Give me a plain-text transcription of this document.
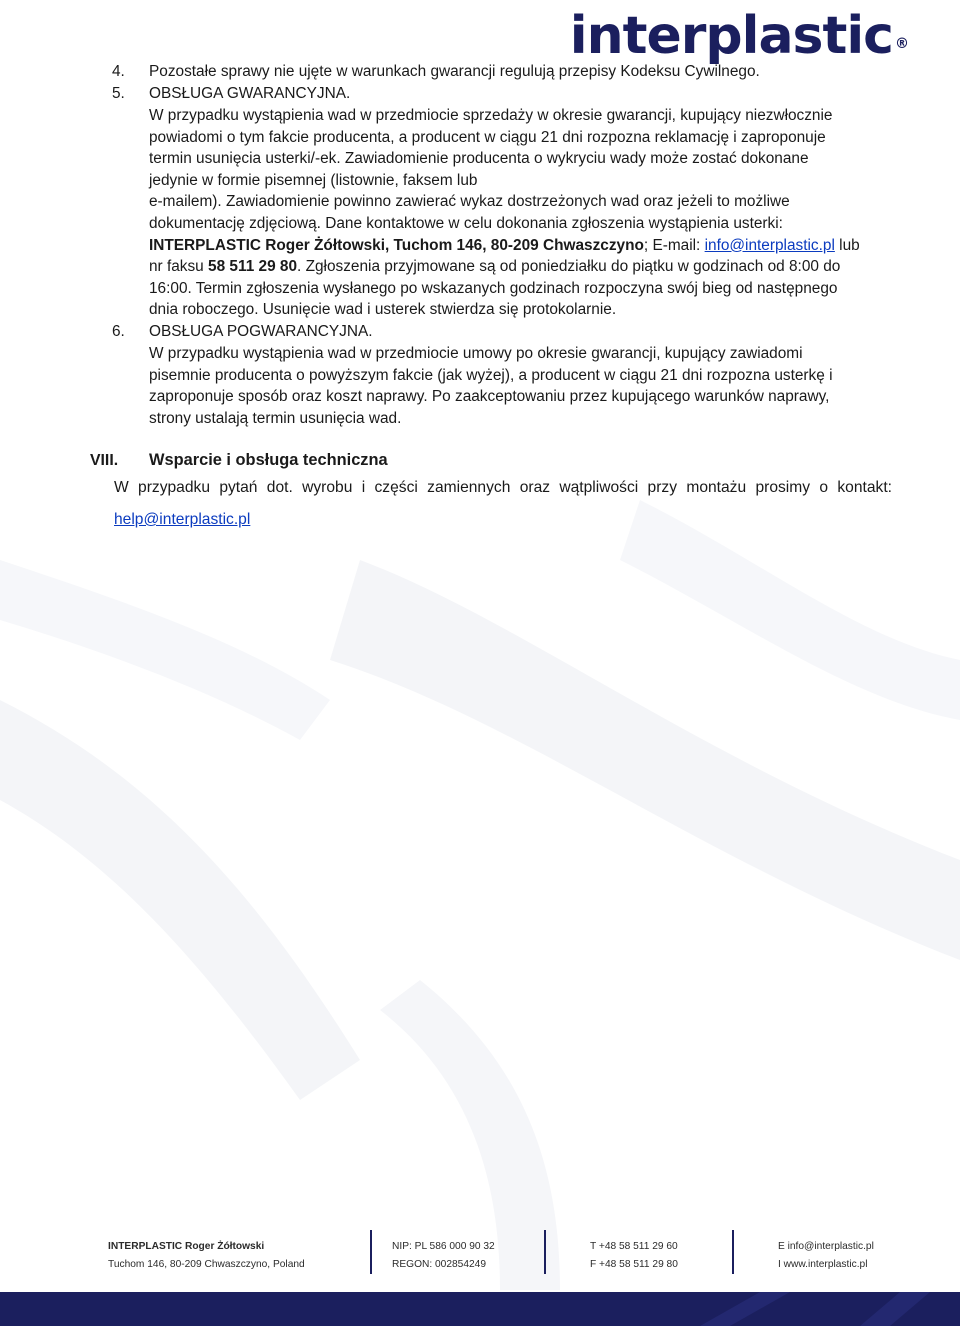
interplastic ®
4. Pozostałe sprawy nie ujęte w warunkach gwarancji regulują przepisy Kodeksu Cywilnego.
5. OBSŁUGA GWARANCYJNA.
W przypadku wystąpienia wad w przedmiocie sprzedaży w okresie gwarancji, kupujący niezwłocznie
powiadomi o tym fakcie producenta, a producent w ciągu 21 dni rozpozna reklamację i zaproponuje
termin usunięcia usterki/-ek. Zawiadomienie producenta o wykryciu wady może zostać dokonane
jedynie w formie pisemnej (listownie, faksem lub
e-mailem). Zawiadomienie powinno zawierać wykaz dostrzeżonych wad oraz jeżeli to możliwe
dokumentację zdjęciową. Dane kontaktowe w celu dokonania zgłoszenia wystąpienia usterki:
INTERPLASTIC Roger Żółtowski, Tuchom 146, 80-209 Chwaszczyno; E-mail: info@interplastic.pl lub
nr faksu 58 511 29 80. Zgłoszenia przyjmowane są od poniedziałku do piątku w godzinach od 8:00 do
16:00. Termin zgłoszenia wysłanego po wskazanych godzinach rozpoczyna swój bieg od następnego
dnia roboczego. Usunięcie wad i usterek stwierdza się protokolarnie.
6. OBSŁUGA POGWARANCYJNA.
W przypadku wystąpienia wad w przedmiocie umowy po okresie gwarancji, kupujący zawiadomi
pisemnie producenta o powyższym fakcie (jak wyżej), a producent w ciągu 21 dni rozpozna usterkę i
zaproponuje sposób oraz koszt naprawy. Po zaakceptowaniu przez kupującego warunków naprawy,
strony ustalają termin usunięcia wad.
VIII. Wsparcie i obsługa techniczna
W przypadku pytań dot. wyrobu i części zamiennych oraz wątpliwości przy montażu prosimy o kontakt:
help@interplastic.pl
INTERPLASTIC Roger Żółtowski
Tuchom 146, 80-209 Chwaszczyno, Poland
NIP: PL 586 000 90 32
REGON: 002854249
T +48 58 511 29 60
F +48 58 511 29 80
E info@interplastic.pl
I www.interplastic.pl
